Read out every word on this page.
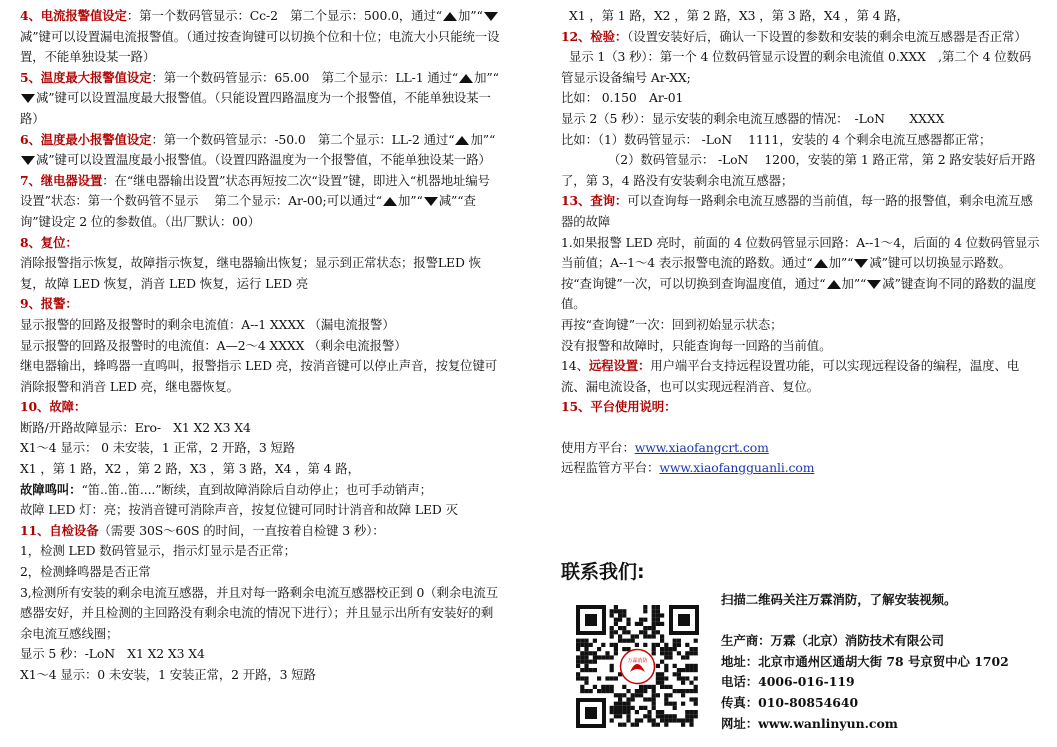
4、电流报警值设定：第一个数码管显示：Cc-2　第二个显示：500.0，通过“ 加”“减”键可以设置漏电流报警值。（通过按查询键可以切换个位和十位；电流大小只能统一设置，不能单独设某一路）

5、温度最大报警值设定：第一个数码管显示：65.00　第二个显示：LL-1 通过“ 加”“减”键可以设置温度最大报警值。（只能设置四路温度为一个报警值，不能单独设某一路）

6、温度最小报警值设定：第一个数码管显示：-50.0　第二个显示：LL-2 通过“ 加”“减”键可以设置温度最小报警值。（设置四路温度为一个报警值，不能单独设某一路）

7、继电器设置：在“继电器输出设置”状态再短按二次“设置”键，即进入“机器地址编号设置”状态：第一个数码管不显示　 第二个显示：Ar-00;可以通过“ 加”“ 减”“查询”键设定 2 位的参数值。（出厂默认：00）

8、复位：

消除报警指示恢复，故障指示恢复，继电器输出恢复；显示到正常状态；报警LED 恢复，故障 LED 恢复，消音 LED 恢复，运行 LED 亮

9、报警：

显示报警的回路及报警时的剩余电流值：A--1 XXXX （漏电流报警）

显示报警的回路及报警时的电流值：A—2～4 XXXX （剩余电流报警）

继电器输出，蜂鸣器一直鸣叫，报警指示 LED 亮，按消音键可以停止声音，按复位键可消除报警和消音 LED 亮，继电器恢复。

10、故障：

断路/开路故障显示：Ero-　X1 X2 X3 X4

X1～4 显示： 0 未安装，1 正常，2 开路，3 短路

X1 ，第 1 路，X2 ，第 2 路，X3 ，第 3 路，X4 ，第 4 路，

故障鸣叫：“笛..笛..笛....”断续，直到故障消除后自动停止；也可手动销声；

故障 LED 灯：亮；按消音键可消除声音，按复位键可同时计消音和故障 LED 灭

11、自检设备（需要 30S～60S 的时间，一直按着自检键 3 秒）：

1，检测 LED 数码管显示，指示灯显示是否正常；

2，检测蜂鸣器是否正常

3,检测所有安装的剩余电流互感器，并且对每一路剩余电流互感器校正到 0（剩余电流互感器安好，并且检测的主回路没有剩余电流的情况下进行）；并且显示出所有安装好的剩余电流互感线圈；

显示 5 秒：-LoN　X1 X2 X3 X4

X1～4 显示：0 未安装，1 安装正常，2 开路，3 短路

X1 ，第 1 路，X2 ，第 2 路，X3 ，第 3 路，X4 ，第 4 路，

12、检验：（设置安装好后，确认一下设置的参数和安装的剩余电流互感器是否正常）

显示 1（3 秒）：第一个 4 位数码管显示设置的剩余电流值 0.XXX　,第二个 4 位数码管显示设备编号 Ar-XX;

比如： 0.150　Ar-01

显示 2（5 秒）：显示安装的剩余电流互感器的情况：　-LoN　　XXXX

比如：（1）数码管显示： -LoN　 1111，安装的 4 个剩余电流互感器都正常；

（2）数码管显示： -LoN　 1200，安装的第 1 路正常，第 2 路安装好后开路了，第 3，4 路没有安装剩余电流互感器；

13、查询：可以查询每一路剩余电流互感器的当前值，每一路的报警值，剩余电流互感器的故障

1.如果报警 LED 亮时，前面的 4 位数码管显示回路：A--1～4，后面的 4 位数码管显示当前值；A--1～4 表示报警电流的路数。通过“ 加”“ 减”键可以切换显示路数。

按“查询键”一次，可以切换到查询温度值，通过“ 加”“ 减”键查询不同的路数的温度值。

再按“查询键”一次：回到初始显示状态；

没有报警和故障时，只能查询每一回路的当前值。

14、远程设置：用户端平台支持远程设置功能，可以实现远程设备的编程，温度、电流、漏电流设备，也可以实现远程消音、复位。

15、平台使用说明：

使用方平台：www.xiaofangcrt.com

远程监管方平台：www.xiaofangguanli.com

联系我们:
万霖消防
扫描二维码关注万霖消防，了解安装视频。
生产商：万霖（北京）消防技术有限公司
地址：北京市通州区通胡大街 78 号京贸中心 1702
电话：4006-016-119
传真：010-80854640
网址：www.wanlinyun.com
